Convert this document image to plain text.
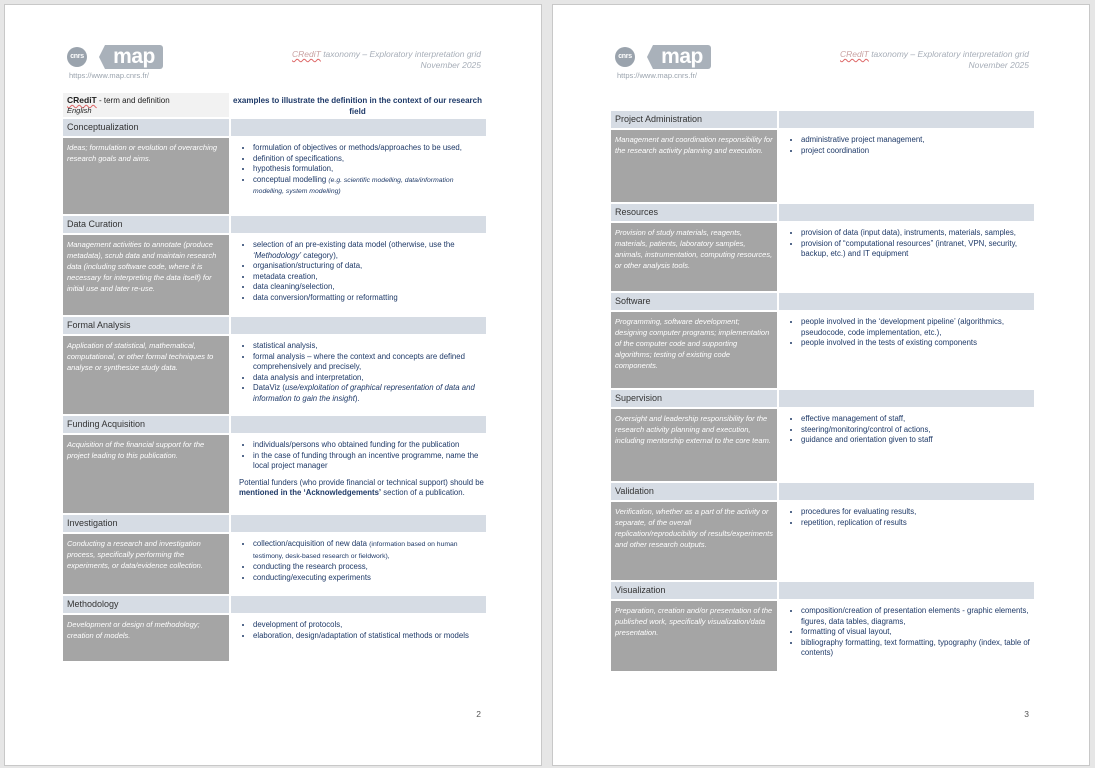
cnrs	map
https://www.map.cnrs.fr/
CRediT taxonomy – Exploratory interpretation grid
November 2025
CRediT - term and definition
English
examples to illustrate the definition in the context of our research field
Conceptualization
Ideas; formulation or evolution of overarching research goals and aims.
• formulation of objectives or methods/approaches to be used,
• definition of specifications,
• hypothesis formulation,
• conceptual modelling (e.g. scientific modelling, data/information modelling, system modelling)
Data Curation
Management activities to annotate (produce metadata), scrub data and maintain research data (including software code, where it is necessary for interpreting the data itself) for initial use and later re-use.
• selection of an pre-existing data model (otherwise, use the ‘Methodology’ category),
• organisation/structuring of data,
• metadata creation,
• data cleaning/selection,
• data conversion/formatting or reformatting
Formal Analysis
Application of statistical, mathematical, computational, or other formal techniques to analyse or synthesize study data.
• statistical analysis,
• formal analysis – where the context and concepts are defined comprehensively and precisely,
• data analysis and interpretation,
• DataViz (use/exploitation of graphical representation of data and information to gain the insight).
Funding Acquisition
Acquisition of the financial support for the project leading to this publication.
• individuals/persons who obtained funding for the publication
• in the case of funding through an incentive programme, name the local project manager

Potential funders (who provide financial or technical support) should be mentioned in the ‘Acknowledgements’ section of a publication.

Investigation
Conducting a research and investigation process, specifically performing the experiments, or data/evidence collection.
• collection/acquisition of new data (information based on human testimony, desk-based research or fieldwork),
• conducting the research process,
• conducting/executing experiments
Methodology
Development or design of methodology; creation of models.
• development of protocols,
• elaboration, design/adaptation of statistical methods or models
2
cnrs	map
https://www.map.cnrs.fr/
CRediT taxonomy – Exploratory interpretation grid
November 2025
Project Administration
Management and coordination responsibility for the research activity planning and execution.
• administrative project management,
• project coordination
Resources
Provision of study materials, reagents, materials, patients, laboratory samples, animals, instrumentation, computing resources, or other analysis tools.
• provision of data (input data), instruments, materials, samples,
• provision of “computational resources” (intranet, VPN, security, backup, etc.) and IT equipment
Software
Programming, software development; designing computer programs; implementation of the computer code and supporting algorithms; testing of existing code components.
• people involved in the ‘development pipeline’ (algorithmics, pseudocode, code implementation, etc.),
• people involved in the tests of existing components
Supervision
Oversight and leadership responsibility for the research activity planning and execution, including mentorship external to the core team.
• effective management of staff,
• steering/monitoring/control of actions,
• guidance and orientation given to staff
Validation
Verification, whether as a part of the activity or separate, of the overall replication/reproducibility of results/experiments and other research outputs.
• procedures for evaluating results,
• repetition, replication of results
Visualization
Preparation, creation and/or presentation of the published work, specifically visualization/data presentation.
• composition/creation of presentation elements - graphic elements, figures, data tables, diagrams,
• formatting of visual layout,
• bibliography formatting, text formatting, typography (index, table of contents)
3
